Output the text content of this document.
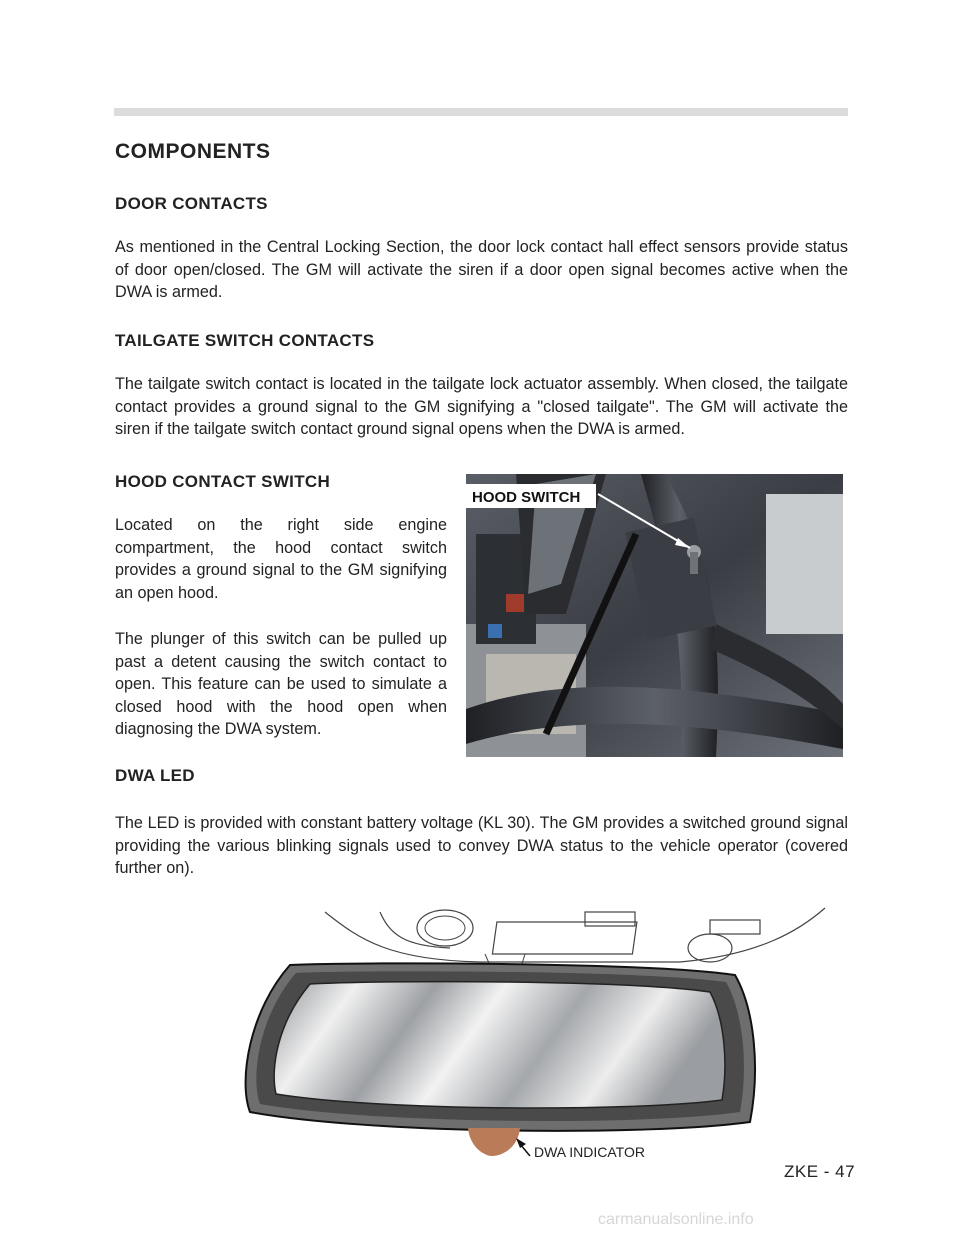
COMPONENTS
DOOR CONTACTS

As mentioned in the Central Locking Section, the door lock contact hall effect sensors provide status of door open/closed. The GM will activate the siren if a door open signal becomes active when the DWA is armed.

TAILGATE SWITCH CONTACTS

The tailgate switch contact is located in the tailgate lock actuator assembly. When closed, the tailgate contact provides a ground signal to the GM signifying a "closed tailgate". The GM will activate the siren if the tailgate switch contact ground signal opens when the DWA is armed.

HOOD CONTACT SWITCH

Located on the right side engine compartment, the hood contact switch provides a ground signal to the GM signifying an open hood.

The plunger of this switch can be pulled up past a detent causing the switch contact to open. This feature can be used to simulate a closed hood with the hood open when diagnosing the DWA system.

HOOD SWITCH
DWA LED

The LED is provided with constant battery voltage (KL 30). The GM provides a switched ground signal providing the various blinking signals used to convey DWA status to the vehicle operator (covered further on).

DWA INDICATOR
ZKE - 47
carmanualsonline.info
